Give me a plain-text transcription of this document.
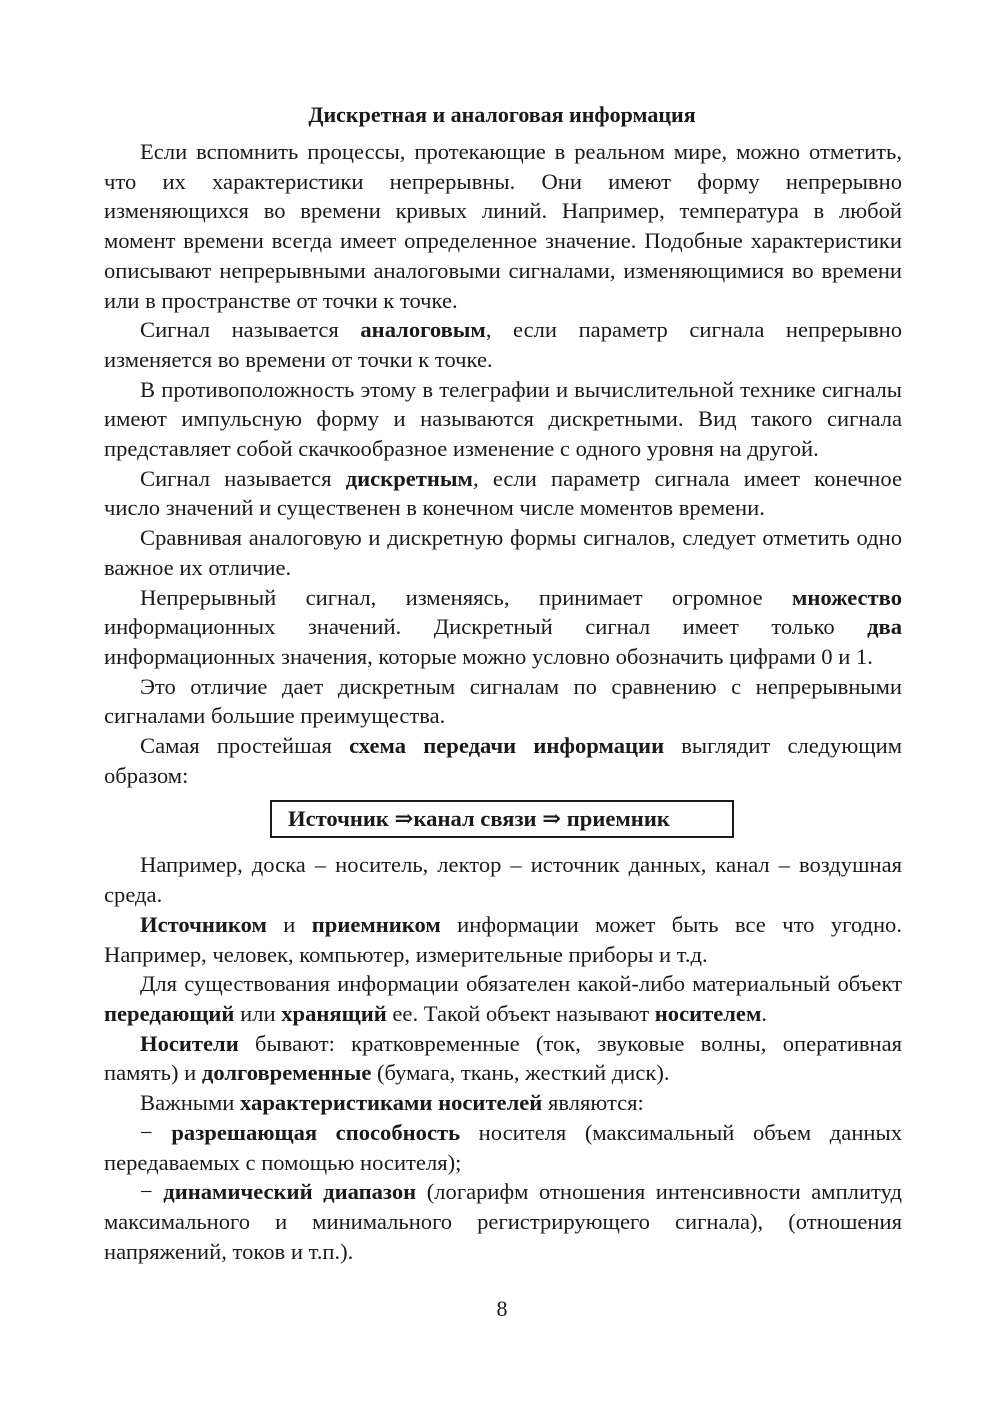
Дискретная и аналоговая информация

Если вспомнить процессы, протекающие в реальном мире, можно отметить, что их характеристики непрерывны. Они имеют форму непрерывно изменяющихся во времени кривых линий. Например, температура в любой момент времени всегда имеет определенное значение. Подобные характеристики описывают непрерывными аналоговыми сигналами, изменяющимися во времени или в пространстве от точки к точке.

Сигнал называется аналоговым, если параметр сигнала непрерывно изменяется во времени от точки к точке.

В противоположность этому в телеграфии и вычислительной технике сигналы имеют импульсную форму и называются дискретными. Вид такого сигнала представляет собой скачкообразное изменение с одного уровня на другой.

Сигнал называется дискретным, если параметр сигнала имеет конечное число значений и существенен в конечном числе моментов времени.

Сравнивая аналоговую и дискретную формы сигналов, следует отметить одно важное их отличие.

Непрерывный сигнал, изменяясь, принимает огромное множество информационных значений. Дискретный сигнал имеет только два информационных значения, которые можно условно обозначить цифрами 0 и 1.

Это отличие дает дискретным сигналам по сравнению с непрерывными сигналами большие преимущества.

Самая простейшая схема передачи информации выглядит следующим образом:

Источник ⇒канал связи ⇒ приемник

Например, доска – носитель, лектор – источник данных, канал – воздушная среда.

Источником и приемником информации может быть все что угодно. Например, человек, компьютер, измерительные приборы и т.д.

Для существования информации обязателен какой-либо материальный объект передающий или хранящий ее. Такой объект называют носителем.

Носители бывают: кратковременные (ток, звуковые волны, оперативная память) и долговременные (бумага, ткань, жесткий диск).

Важными характеристиками носителей являются:

− разрешающая способность носителя (максимальный объем данных передаваемых с помощью носителя);

− динамический диапазон (логарифм отношения интенсивности амплитуд максимального и минимального регистрирующего сигнала), (отношения напряжений, токов и т.п.).

8
